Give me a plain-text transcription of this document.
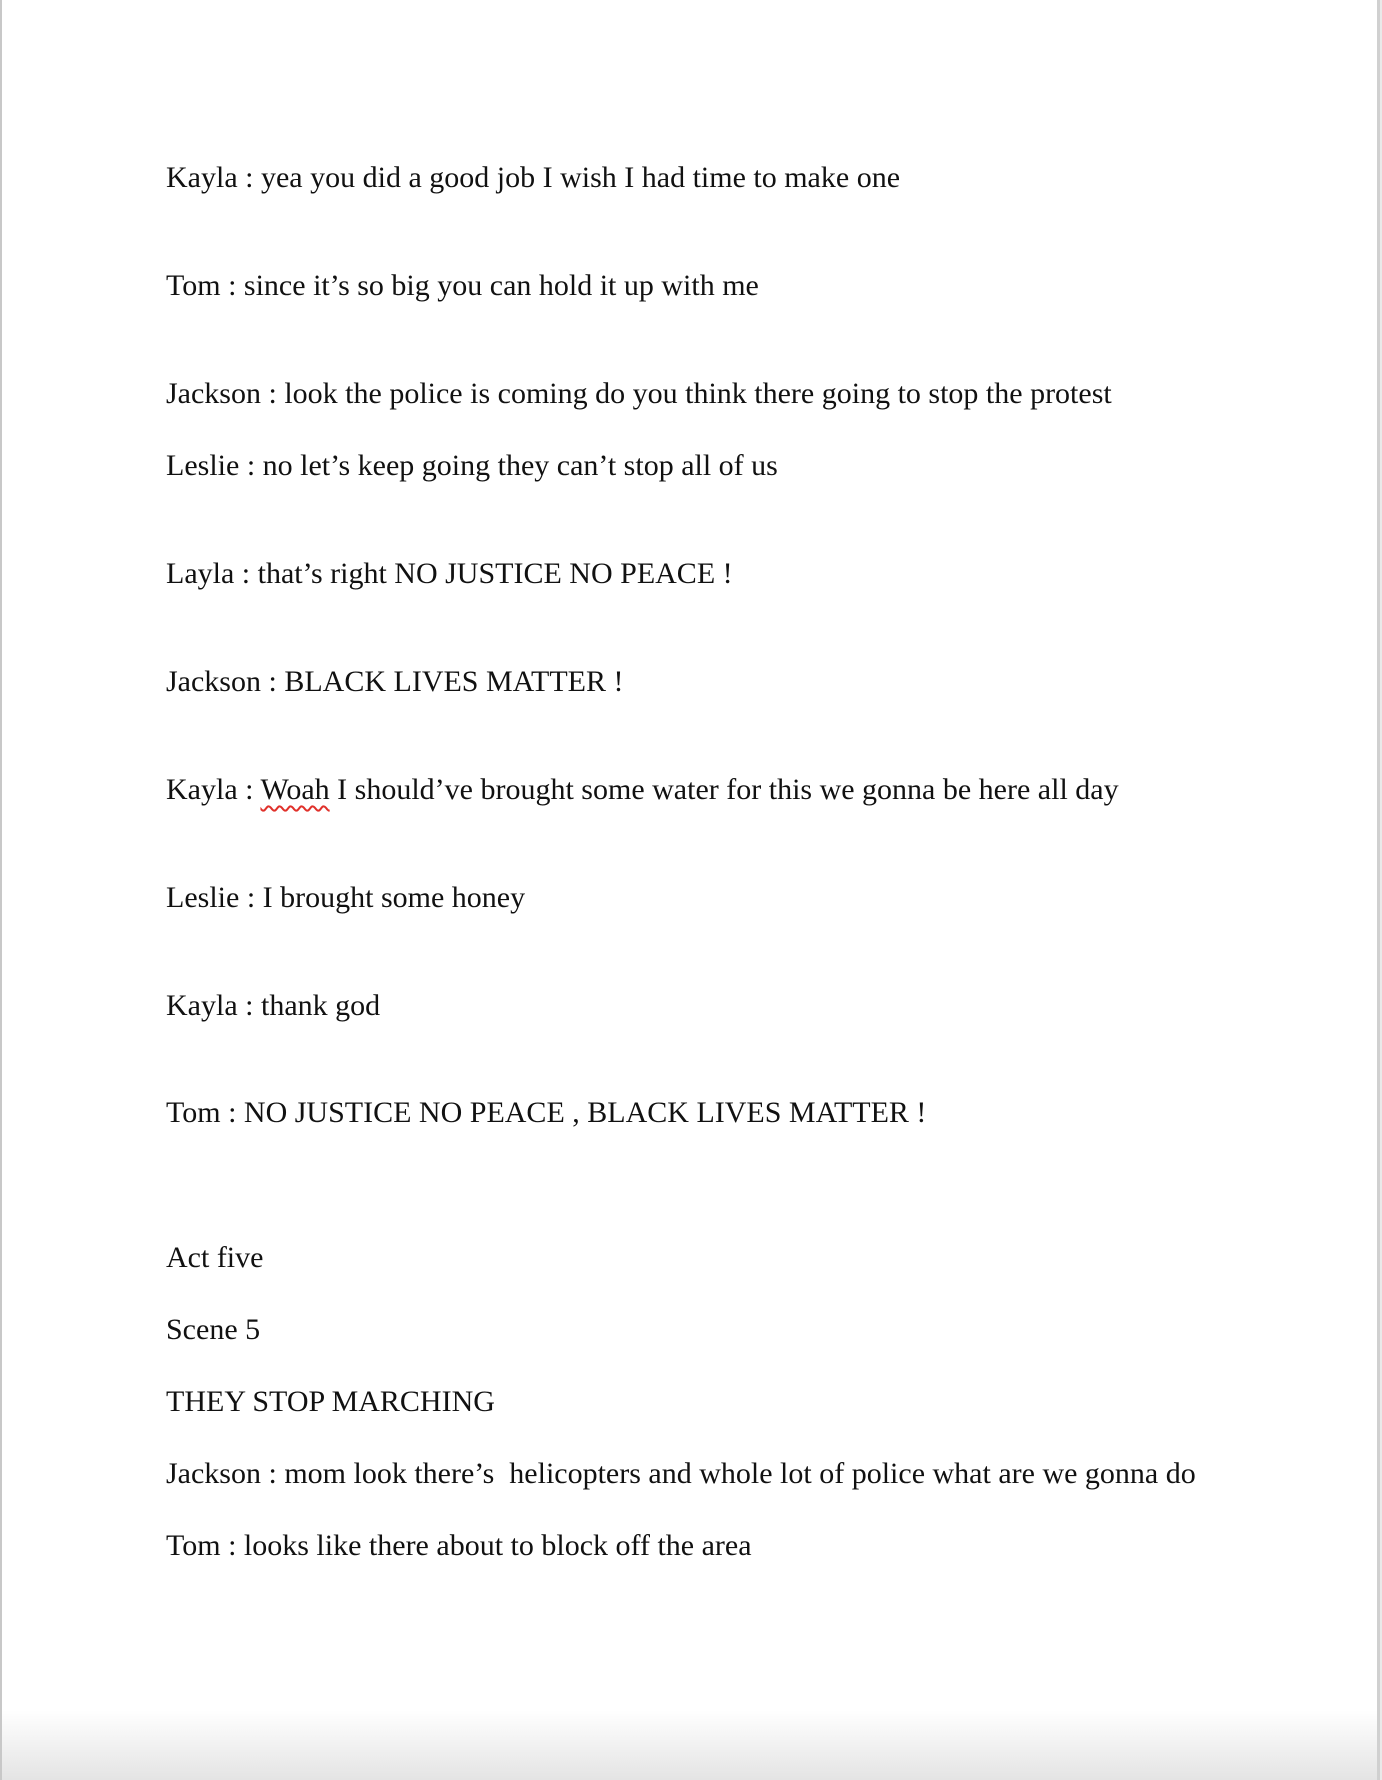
Kayla : yea you did a good job I wish I had time to make one
Tom : since it’s so big you can hold it up with me
Jackson : look the police is coming do you think there going to stop the protest
Leslie : no let’s keep going they can’t stop all of us
Layla : that’s right NO JUSTICE NO PEACE !
Jackson : BLACK LIVES MATTER !
Kayla : Woah I should’ve brought some water for this we gonna be here all day
Leslie : I brought some honey
Kayla : thank god
Tom : NO JUSTICE NO PEACE , BLACK LIVES MATTER !
Act five
Scene 5
THEY STOP MARCHING
Jackson : mom look there’s  helicopters and whole lot of police what are we gonna do
Tom : looks like there about to block off the area
